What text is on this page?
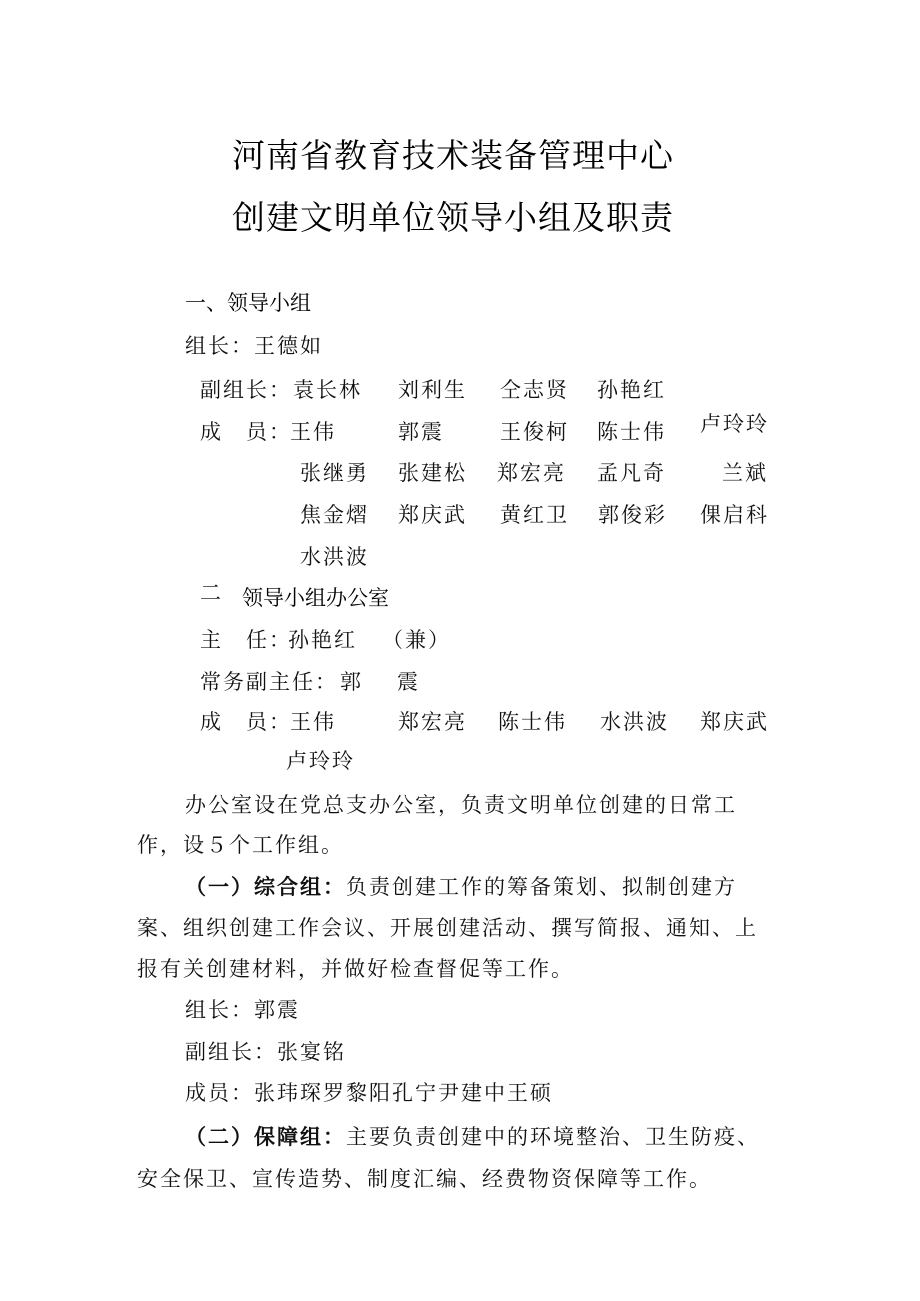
河南省教育技术装备管理中心
创建文明单位领导小组及职责
一、领导小组
组长：王德如
副组长： 袁长林 刘利生 仝志贤 孙艳红
成　员：
王伟	郭震	王俊柯 陈士伟 卢玲玲
张继勇 张建松 郑宏亮 孟凡奇	兰斌
焦金熠 郑庆武 黄红卫 郭俊彩 倮启科
水洪波
二 领导小组办公室
主　任：
孙艳红 （兼）
常务副主任： 郭 震
成　员：
王伟	郑宏亮 陈士伟 水洪波 郑庆武
卢玲玲
办公室设在党总支办公室，负责文明单位创建的日常工
作，设５个工作组。
（一）综合组：负责创建工作的筹备策划、拟制创建方
案、组织创建工作会议、开展创建活动、撰写简报、通知、上
报有关创建材料，并做好检查督促等工作。
组长：郭震
副组长：张宴铭
成员：张玮琛罗黎阳孔宁尹建中王硕
（二）保障组：主要负责创建中的环境整治、卫生防疫、
安全保卫、宣传造势、制度汇编、经费物资保障等工作。
